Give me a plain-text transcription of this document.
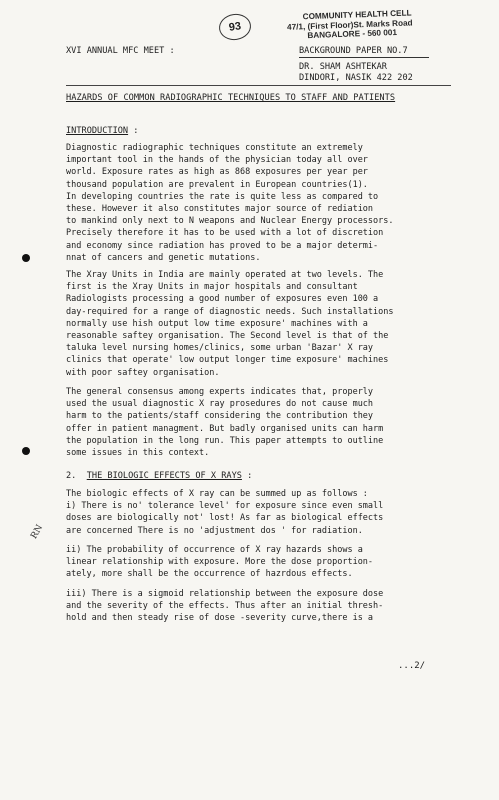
93
COMMUNITY HEALTH CELL
47/1, (First Floor)St. Marks Road
BANGALORE - 560 001
XVI ANNUAL MFC MEET :	BACKGROUND PAPER NO.7
DR. SHAM ASHTEKAR
DINDORI, NASIK 422 202
HAZARDS OF COMMON RADIOGRAPHIC TECHNIQUES TO STAFF AND PATIENTS
INTRODUCTION :
Diagnostic radiographic techniques constitute an extremely
important tool in the hands of the physician today all over
world. Exposure rates as high as 868 exposures per year per
thousand population are prevalent in European countries(1).
In developing countries the rate is quite less as compared to
these. However it also constitutes major source of rediation
to mankind only next to N weapons and Nuclear Energy processors.
Precisely therefore it has to be used with a lot of discretion
and economy since radiation has proved to be a major determi-
nnat of cancers and genetic mutations.
The Xray Units in India are mainly operated at two levels. The
first is the Xray Units in major hospitals and consultant
Radiologists processing a good number of exposures even 100 a
day-required for a range of diagnostic needs. Such installations
normally use hish output low time exposure' machines with a
reasonable saftey organisation. The Second level is that of the
taluka level nursing homes/clinics, some urban 'Bazar' X ray
clinics that operate' low output longer time exposure' machines
with poor saftey organisation.
The general consensus among experts indicates that, properly
used the usual diagnostic X ray prosedures do not cause much
harm to the patients/staff considering the contribution they
offer in patient managment. But badly organised units can harm
the population in the long run. This paper attempts to outline
some issues in this context.
2. THE BIOLOGIC EFFECTS OF X RAYS :
The biologic effects of X ray can be summed up as follows :
i) There is no' tolerance level' for exposure since even small
doses are biologically not' lost! As far as biological effects
are concerned There is no 'adjustment dos ' for radiation.
ii) The probability of occurrence of X ray hazards shows a
linear relationship with exposure. More the dose proportion-
ately, more shall be the occurrence of hazrdous effects.
iii) There is a sigmoid relationship between the exposure dose
and the severity of the effects. Thus after an initial thresh-
hold and then steady rise of dose -severity curve,there is a
...2/
RN
